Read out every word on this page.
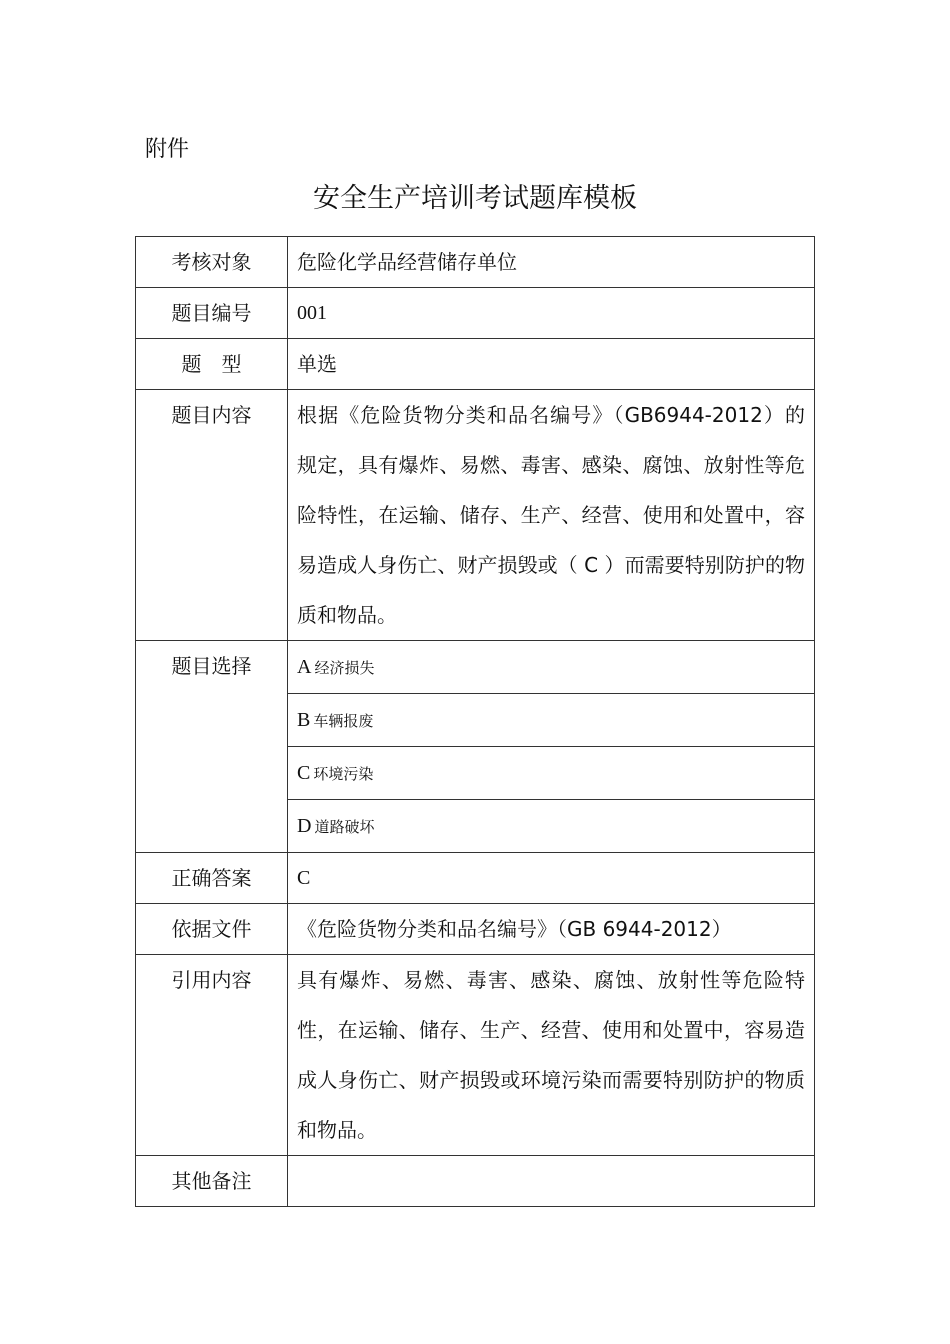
附件
安全生产培训考试题库模板
考核对象	危险化学品经营储存单位
题目编号	001
题　型	单选
题目内容	根据《危险货物分类和品名编号》（GB6944-2012）的规定，具有爆炸、易燃、毒害、感染、腐蚀、放射性等危险特性，在运输、储存、生产、经营、使用和处置中，容易造成人身伤亡、财产损毁或（ C ）而需要特别防护的物质和物品。
题目选择	A 经济损失
	B 车辆报废
	C 环境污染
	D 道路破坏
正确答案	C
依据文件	《危险货物分类和品名编号》（GB 6944-2012）
引用内容	具有爆炸、易燃、毒害、感染、腐蚀、放射性等危险特性，在运输、储存、生产、经营、使用和处置中，容易造成人身伤亡、财产损毁或环境污染而需要特别防护的物质和物品。
其他备注	
